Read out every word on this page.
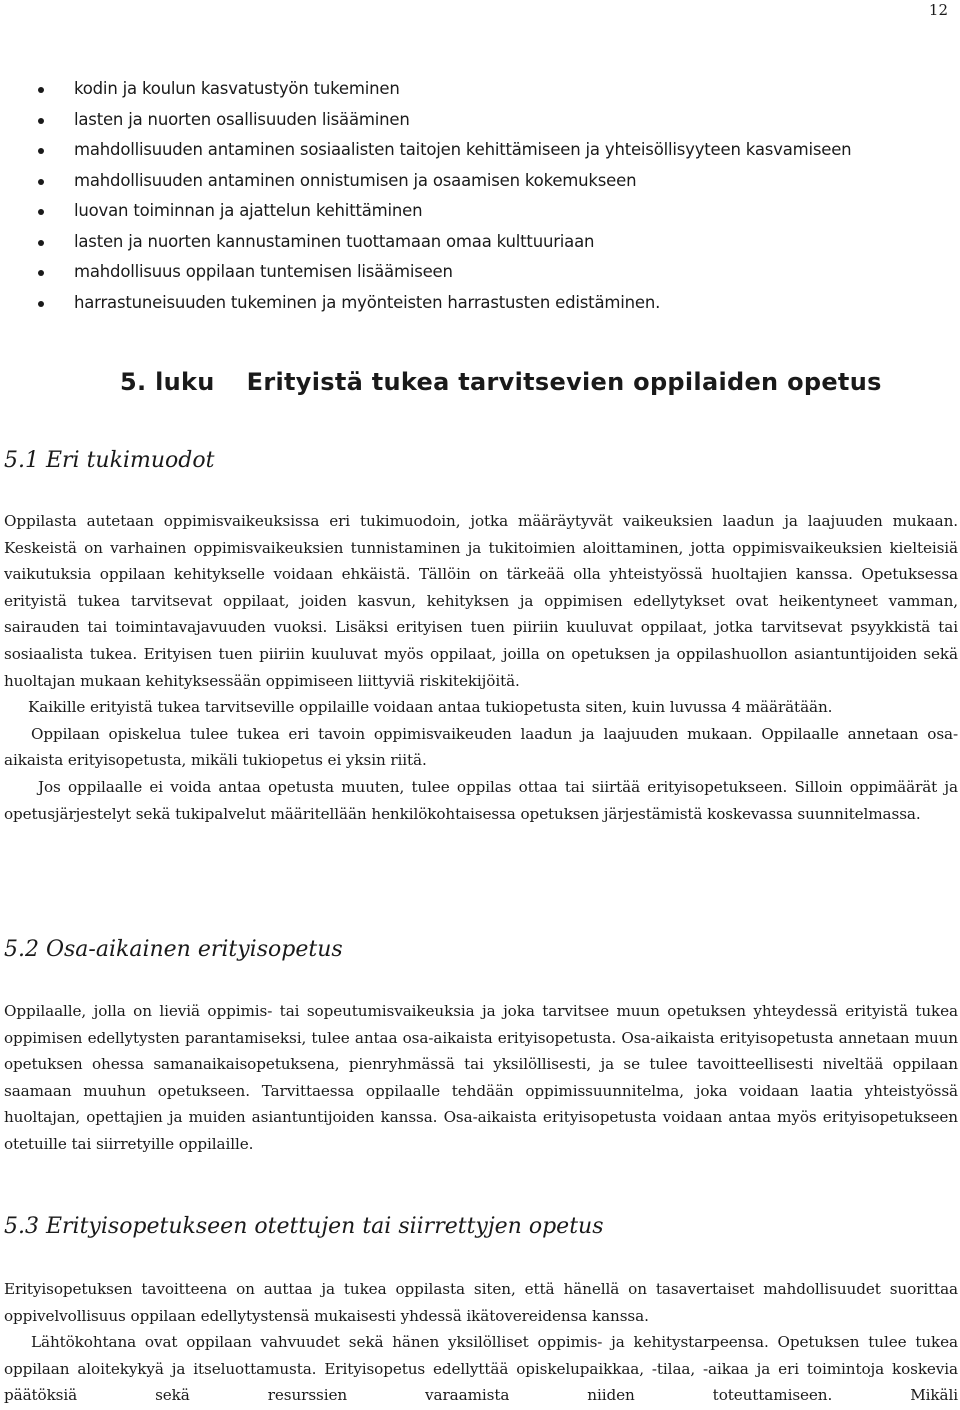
12
kodin ja koulun kasvatustyön tukeminen
lasten ja nuorten osallisuuden lisääminen
mahdollisuuden antaminen sosiaalisten taitojen kehittämiseen ja yhteisöllisyyteen kasvamiseen
mahdollisuuden antaminen onnistumisen ja osaamisen kokemukseen
luovan toiminnan ja ajattelun kehittäminen
lasten ja nuorten kannustaminen tuottamaan omaa kulttuuriaan
mahdollisuus oppilaan tuntemisen lisäämiseen
harrastuneisuuden tukeminen ja myönteisten harrastusten edistäminen.
5. luku Erityistä tukea tarvitsevien oppilaiden opetus
5.1 Eri tukimuodot

Oppilasta autetaan oppimisvaikeuksissa eri tukimuodoin, jotka määräytyvät vaikeuksien laadun ja laajuuden mukaan. Keskeistä on varhainen oppimisvaikeuksien tunnistaminen ja tukitoimien aloittaminen, jotta oppimisvaikeuksien kielteisiä vaikutuksia oppilaan kehitykselle voidaan ehkäistä. Tällöin on tärkeää olla yhteistyössä huoltajien kanssa. Opetuksessa erityistä tukea tarvitsevat oppilaat, joiden kasvun, kehityksen ja oppimisen edellytykset ovat heikentyneet vamman, sairauden tai toimintavajavuuden vuoksi. Lisäksi erityisen tuen piiriin kuuluvat oppilaat, jotka tarvitsevat psyykkistä tai sosiaalista tukea. Erityisen tuen piiriin kuuluvat myös oppilaat, joilla on opetuksen ja oppilashuollon asiantuntijoiden sekä huoltajan mukaan kehityksessään oppimiseen liittyviä riskitekijöitä.

Kaikille erityistä tukea tarvitseville oppilaille voidaan antaa tukiopetusta siten, kuin luvussa 4 määrätään.

Oppilaan opiskelua tulee tukea eri tavoin oppimisvaikeuden laadun ja laajuuden mukaan. Oppilaalle annetaan osa-aikaista erityisopetusta, mikäli tukiopetus ei yksin riitä.

Jos oppilaalle ei voida antaa opetusta muuten, tulee oppilas ottaa tai siirtää erityisopetukseen. Silloin oppimäärät ja opetusjärjestelyt sekä tukipalvelut määritellään henkilökohtaisessa opetuksen järjestämistä koskevassa suunnitelmassa.

5.2 Osa-aikainen erityisopetus

Oppilaalle, jolla on lieviä oppimis- tai sopeutumisvaikeuksia ja joka tarvitsee muun opetuksen yhteydessä erityistä tukea oppimisen edellytysten parantamiseksi, tulee antaa osa-aikaista erityisopetusta. Osa-aikaista erityisopetusta annetaan muun opetuksen ohessa samanaikaisopetuksena, pienryhmässä tai yksilöllisesti, ja se tulee tavoitteellisesti niveltää oppilaan saamaan muuhun opetukseen. Tarvittaessa oppilaalle tehdään oppimissuunnitelma, joka voidaan laatia yhteistyössä huoltajan, opettajien ja muiden asiantuntijoiden kanssa. Osa-aikaista erityisopetusta voidaan antaa myös erityisopetukseen otetuille tai siirretyille oppilaille.

5.3 Erityisopetukseen otettujen tai siirrettyjen opetus

Erityisopetuksen tavoitteena on auttaa ja tukea oppilasta siten, että hänellä on tasavertaiset mahdollisuudet suorittaa oppivelvollisuus oppilaan edellytystensä mukaisesti yhdessä ikätovereidensa kanssa.

Lähtökohtana ovat oppilaan vahvuudet sekä hänen yksilölliset oppimis- ja kehitystarpeensa. Opetuksen tulee tukea oppilaan aloitekykyä ja itseluottamusta. Erityisopetus edellyttää opiskelupaikkaa, -tilaa, -aikaa ja eri toimintoja koskevia päätöksiä sekä resurssien varaamista niiden toteuttamiseen. Mikäli
